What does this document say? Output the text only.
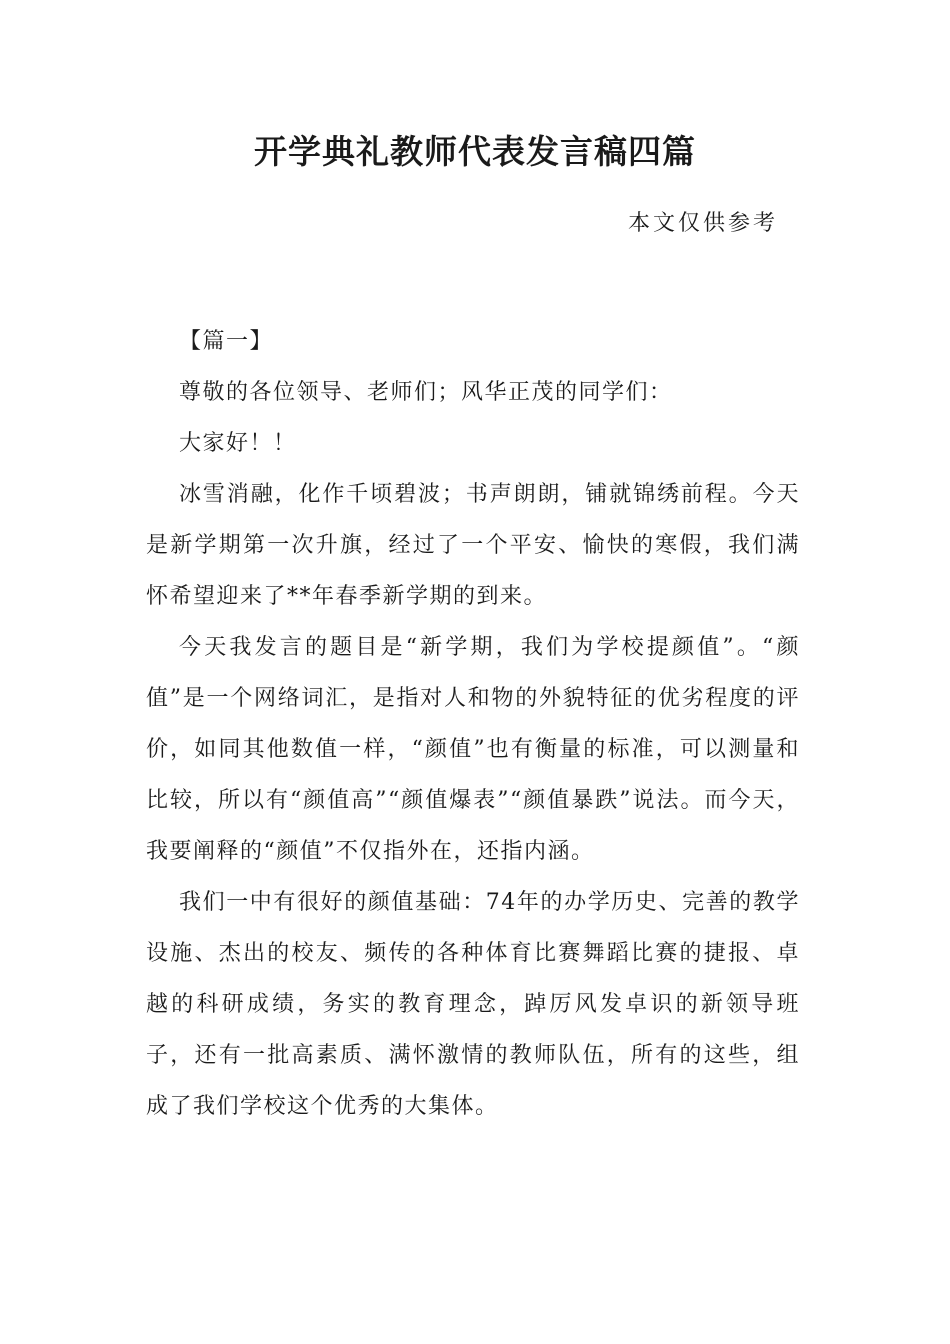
开学典礼教师代表发言稿四篇

本文仅供参考

【篇一】

尊敬的各位领导、老师们；风华正茂的同学们：

大家好！！

冰雪消融，化作千顷碧波；书声朗朗，铺就锦绣前程。今天是新学期第一次升旗，经过了一个平安、愉快的寒假，我们满怀希望迎来了**年春季新学期的到来。

今天我发言的题目是“新学期，我们为学校提颜值”。“颜值”是一个网络词汇，是指对人和物的外貌特征的优劣程度的评价，如同其他数值一样，“颜值”也有衡量的标准，可以测量和比较，所以有“颜值高”“颜值爆表”“颜值暴跌”说法。而今天，我要阐释的“颜值”不仅指外在，还指内涵。

我们一中有很好的颜值基础：74年的办学历史、完善的教学设施、杰出的校友、频传的各种体育比赛舞蹈比赛的捷报、卓越的科研成绩，务实的教育理念，踔厉风发卓识的新领导班子，还有一批高素质、满怀激情的教师队伍，所有的这些，组成了我们学校这个优秀的大集体。
